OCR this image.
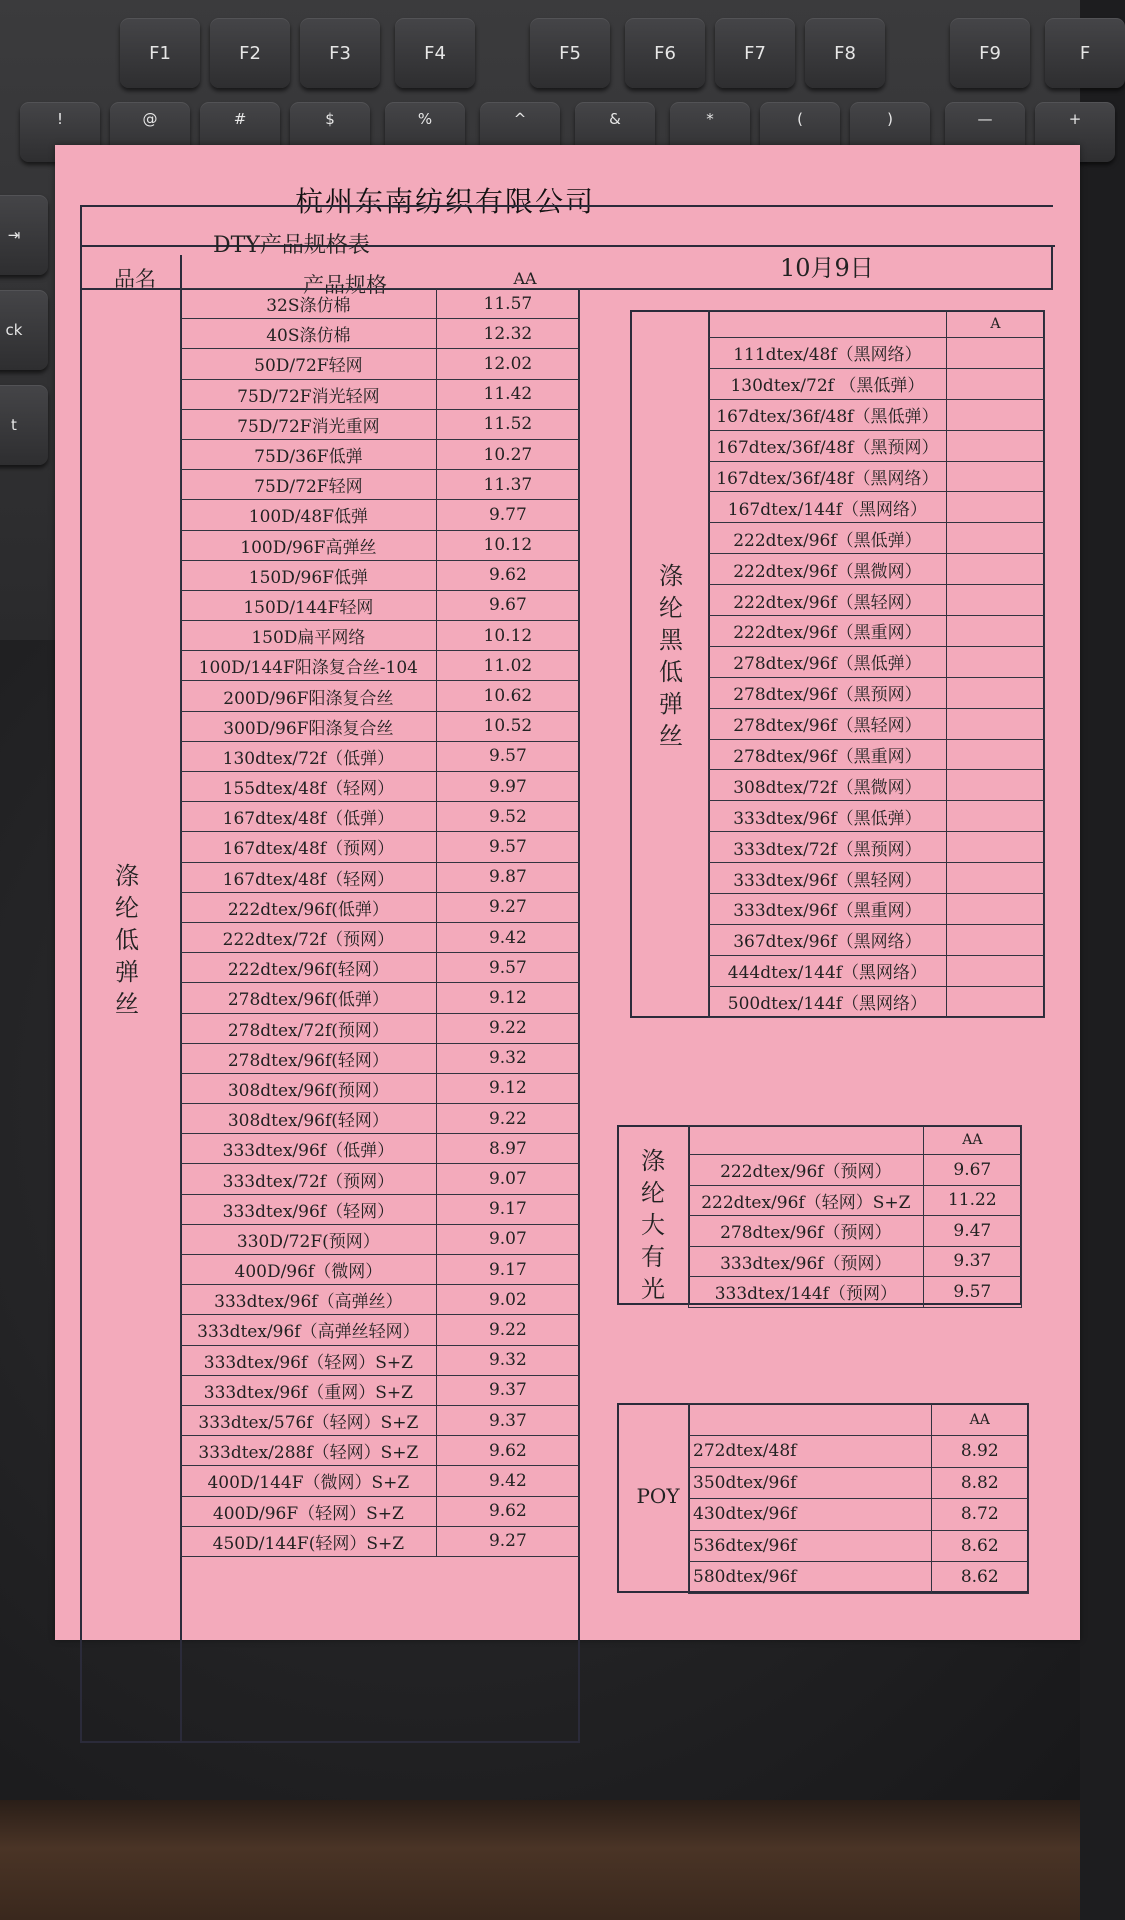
F1	F2	F3	F4	F5	F6	F7	F8	F9	F
!	@	#	$	%	^	&	*	(	)	—	+
⇥
ck
t
杭州东南纺织有限公司
DTY产品规格表
10月9日
品名	产品规格
涤纶低弹丝
32S涤仿棉	11.57
40S涤仿棉	12.32
50D/72F轻网	12.02
75D/72F消光轻网	11.42
75D/72F消光重网	11.52
75D/36F低弹	10.27
75D/72F轻网	11.37
100D/48F低弹	9.77
100D/96F高弹丝	10.12
150D/96F低弹	9.62
150D/144F轻网	9.67
150D扁平网络	10.12
100D/144F阳涤复合丝-104	11.02
200D/96F阳涤复合丝	10.62
300D/96F阳涤复合丝	10.52
130dtex/72f（低弹）	9.57
155dtex/48f（轻网）	9.97
167dtex/48f（低弹）	9.52
167dtex/48f（预网）	9.57
167dtex/48f（轻网）	9.87
222dtex/96f(低弹）	9.27
222dtex/72f（预网）	9.42
222dtex/96f(轻网）	9.57
278dtex/96f(低弹）	9.12
278dtex/72f(预网）	9.22
278dtex/96f(轻网）	9.32
308dtex/96f(预网）	9.12
308dtex/96f(轻网）	9.22
333dtex/96f（低弹）	8.97
333dtex/72f（预网）	9.07
333dtex/96f（轻网）	9.17
330D/72F(预网）	9.07
400D/96f（微网）	9.17
333dtex/96f（高弹丝）	9.02
333dtex/96f（高弹丝轻网）	9.22
333dtex/96f（轻网）S+Z	9.32
333dtex/96f（重网）S+Z	9.37
333dtex/576f（轻网）S+Z	9.37
333dtex/288f（轻网）S+Z	9.62
400D/144F（微网）S+Z	9.42
400D/96F（轻网）S+Z	9.62
450D/144F(轻网）S+Z	9.27
涤纶黑低弹丝
	A
111dtex/48f（黑网络）	
130dtex/72f （黑低弹）	
167dtex/36f/48f（黑低弹）	
167dtex/36f/48f（黑预网）	
167dtex/36f/48f（黑网络）	
167dtex/144f（黑网络）	
222dtex/96f（黑低弹）	
222dtex/96f（黑微网）	
222dtex/96f（黑轻网）	
222dtex/96f（黑重网）	
278dtex/96f（黑低弹）	
278dtex/96f（黑预网）	
278dtex/96f（黑轻网）	
278dtex/96f（黑重网）	
308dtex/72f（黑微网）	
333dtex/96f（黑低弹）	
333dtex/72f（黑预网）	
333dtex/96f（黑轻网）	
333dtex/96f（黑重网）	
367dtex/96f（黑网络）	
444dtex/144f（黑网络）	
500dtex/144f（黑网络）	
涤纶大有光
	AA
222dtex/96f（预网）	9.67
222dtex/96f（轻网）S+Z	11.22
278dtex/96f（预网）	9.47
333dtex/96f（预网）	9.37
333dtex/144f（预网）	9.57
POY
	AA
272dtex/48f	8.92
350dtex/96f	8.82
430dtex/96f	8.72
536dtex/96f	8.62
580dtex/96f	8.62
AA
